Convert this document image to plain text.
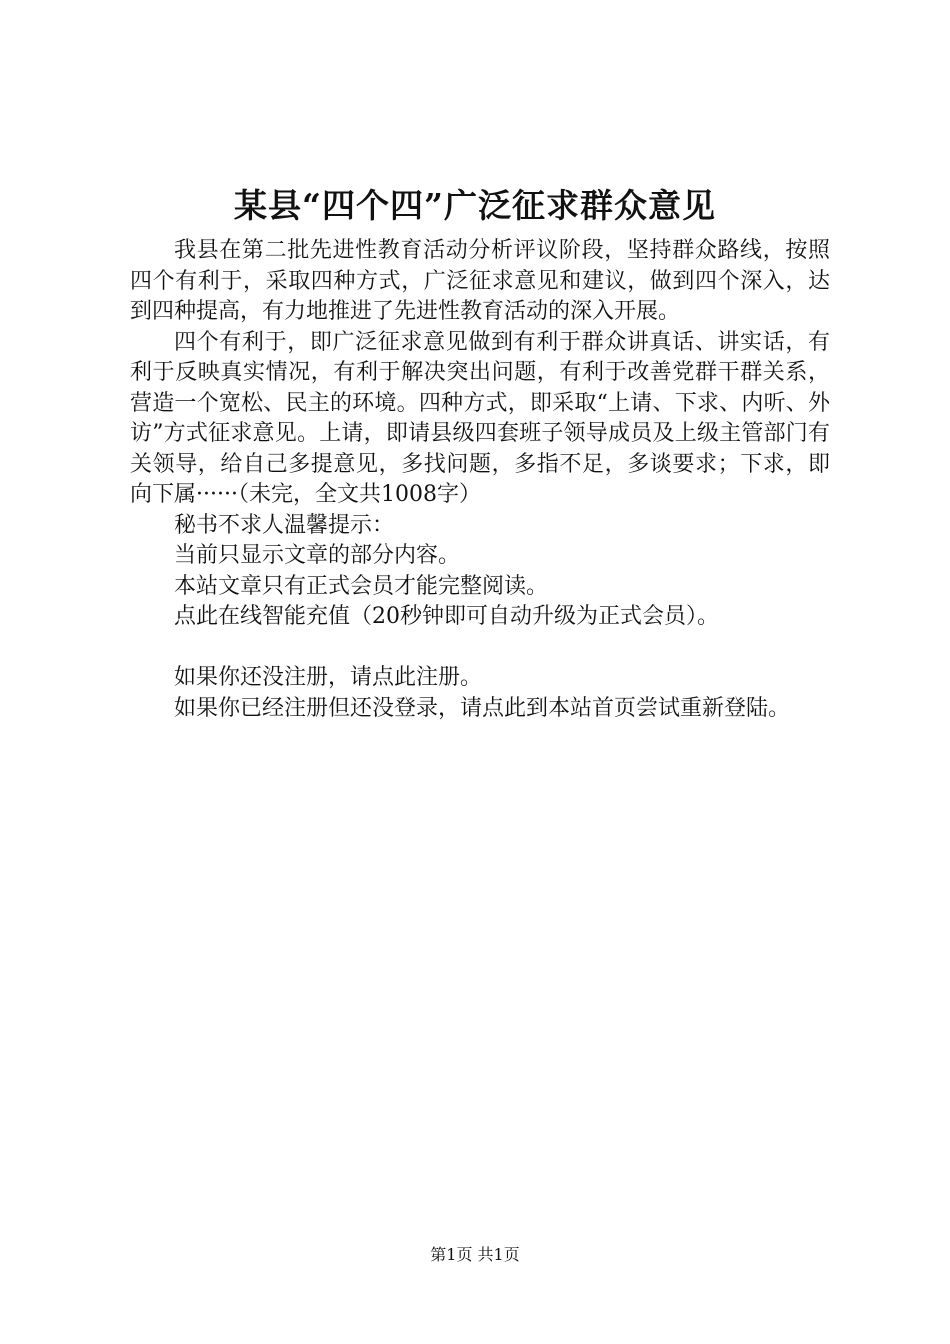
某县“四个四”广泛征求群众意见

我县在第二批先进性教育活动分析评议阶段，坚持群众路线，按照四个有利于，采取四种方式，广泛征求意见和建议，做到四个深入，达到四种提高，有力地推进了先进性教育活动的深入开展。

四个有利于，即广泛征求意见做到有利于群众讲真话、讲实话，有利于反映真实情况，有利于解决突出问题，有利于改善党群干群关系，营造一个宽松、民主的环境。四种方式，即采取“上请、下求、内听、外访”方式征求意见。上请，即请县级四套班子领导成员及上级主管部门有关领导，给自己多提意见，多找问题，多指不足，多谈要求；下求，即向下属······（未完，全文共1008字）

秘书不求人温馨提示：

当前只显示文章的部分内容。

本站文章只有正式会员才能完整阅读。

点此在线智能充值（20秒钟即可自动升级为正式会员）。

如果你还没注册，请点此注册。

如果你已经注册但还没登录，请点此到本站首页尝试重新登陆。

第1页 共1页
